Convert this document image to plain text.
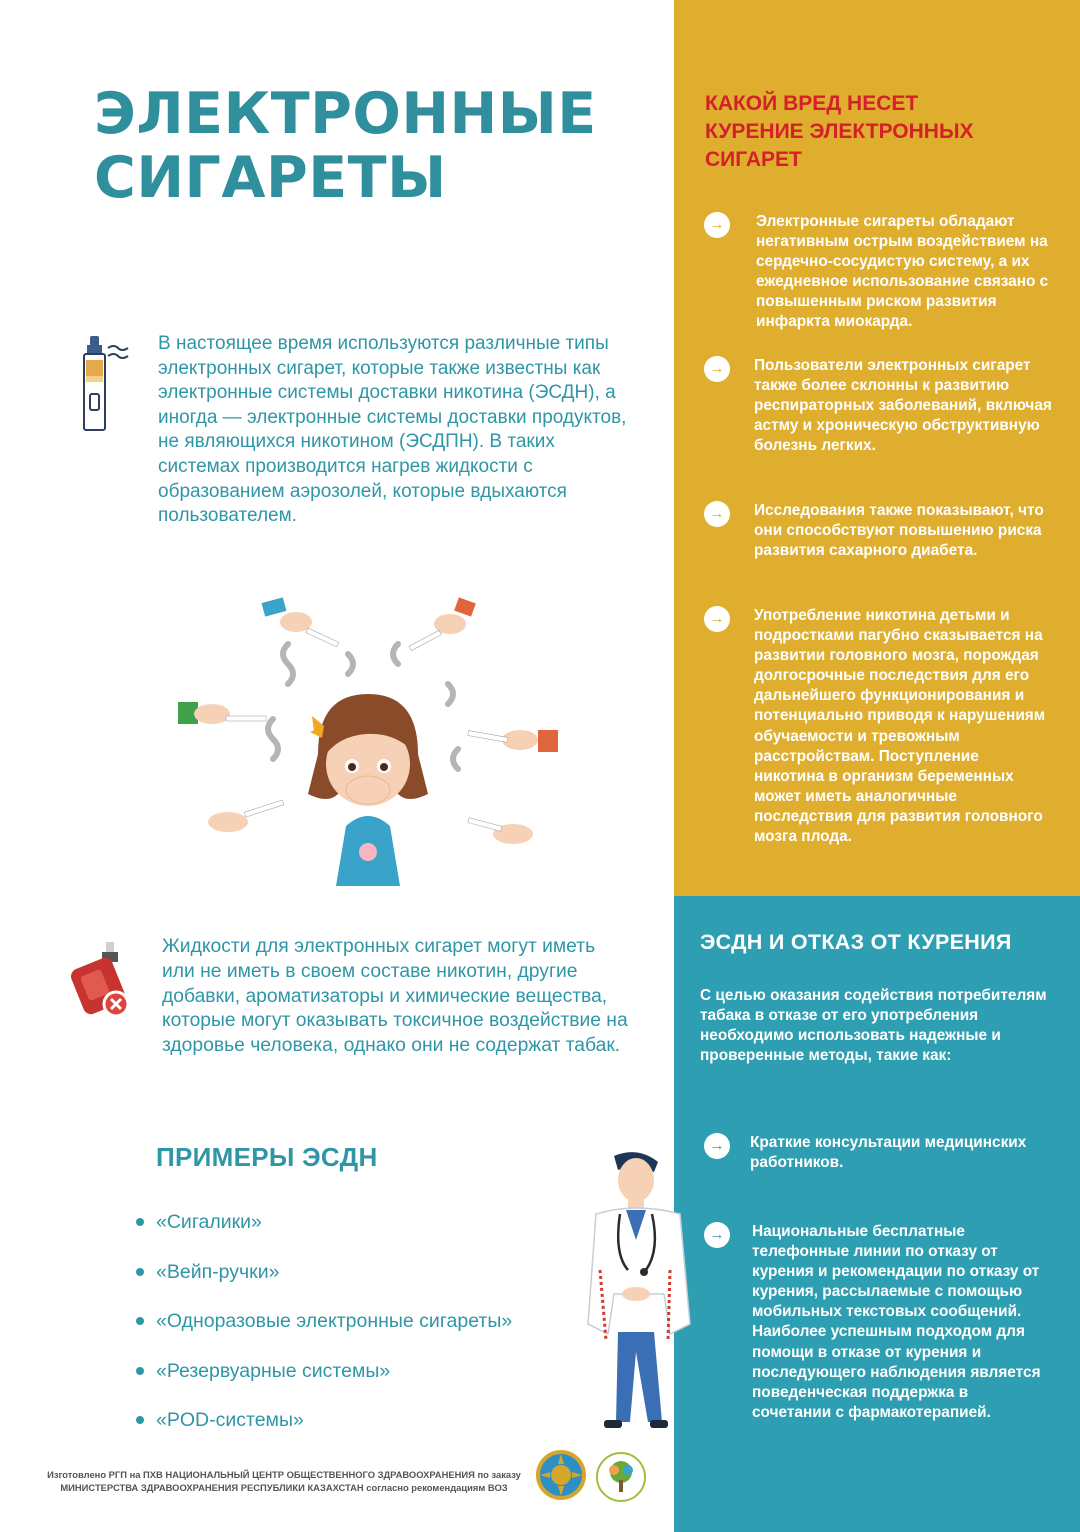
ЭЛЕКТРОННЫЕ
СИГАРЕТЫ

В настоящее время используются различные типы электронных сигарет, которые также известны как электронные системы доставки никотина (ЭСДН), а иногда — электронные системы доставки продуктов, не являющихся никотином (ЭСДПН). В таких системах производится нагрев жидкости с образованием аэрозолей, которые вдыхаются пользователем.

Жидкости для электронных сигарет могут иметь или не иметь в своем составе никотин, другие добавки, ароматизаторы и химические вещества, которые могут оказывать токсичное воздействие на здоровье человека, однако они не содержат табак.

ПРИМЕРЫ ЭСДН
«Сигалики»
«Вейп-ручки»
«Одноразовые электронные сигареты»
«Резервуарные системы»
«POD-системы»

Изготовлено РГП на ПХВ НАЦИОНАЛЬНЫЙ ЦЕНТР ОБЩЕСТВЕННОГО ЗДРАВООХРАНЕНИЯ по заказу МИНИСТЕРСТВА ЗДРАВООХРАНЕНИЯ РЕСПУБЛИКИ КАЗАХСТАН согласно рекомендациям ВОЗ

КАКОЙ ВРЕД НЕСЕТ
КУРЕНИЕ ЭЛЕКТРОННЫХ
СИГАРЕТ
→	Электронные сигареты обладают негативным острым воздействием на сердечно-сосудистую систему, а их ежедневное использование связано с повышенным риском развития инфаркта миокарда.

→	Пользователи электронных сигарет также более склонны к развитию респираторных заболеваний, включая астму и хроническую обструктивную болезнь легких.

→	Исследования также показывают, что они способствуют повышению риска развития сахарного диабета.

→	Употребление никотина детьми и подростками пагубно сказывается на развитии головного мозга, порождая долгосрочные последствия для его дальнейшего функционирования и потенциально приводя к нарушениям обучаемости и тревожным расстройствам. Поступление никотина в организм беременных может иметь аналогичные последствия для развития головного мозга плода.

ЭСДН И ОТКАЗ ОТ КУРЕНИЯ

С целью оказания содействия потребителям табака в отказе от его употребления необходимо использовать надежные и проверенные методы, такие как:

→	Краткие консультации медицинских работников.

→	Национальные бесплатные телефонные линии по отказу от курения и рекомендации по отказу от курения, рассылаемые с помощью мобильных текстовых сообщений. Наиболее успешным подходом для помощи в отказе от курения и последующего наблюдения является поведенческая поддержка в сочетании с фармакотерапией.
